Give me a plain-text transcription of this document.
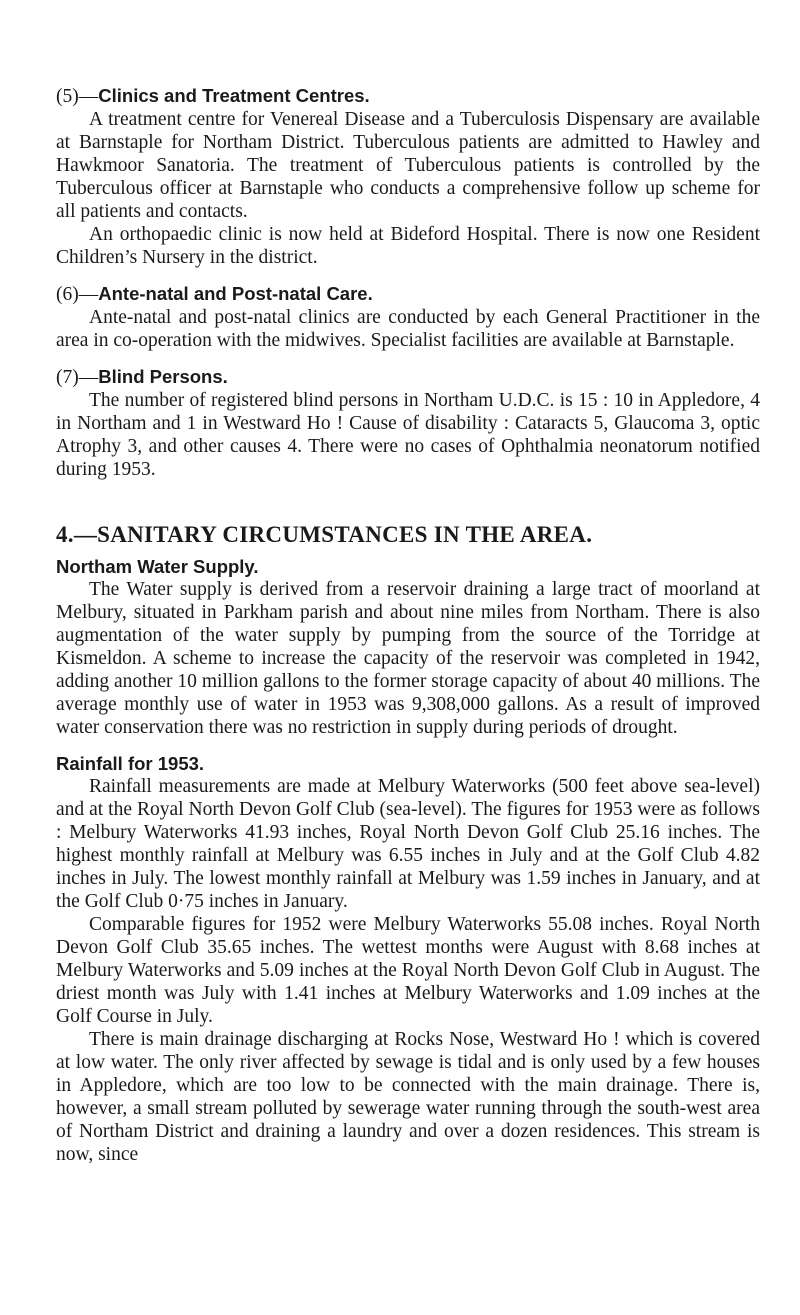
(5)—Clinics and Treatment Centres.

A treatment centre for Venereal Disease and a Tuberculosis Dispensary are available at Barnstaple for Northam District. Tuberculous patients are admitted to Hawley and Hawkmoor Sanatoria. The treatment of Tuberculous patients is controlled by the Tuberculous officer at Barnstaple who conducts a comprehensive follow up scheme for all patients and contacts.

An orthopaedic clinic is now held at Bideford Hospital. There is now one Resident Children’s Nursery in the district.

(6)—Ante-natal and Post-natal Care.

Ante-natal and post-natal clinics are conducted by each General Practitioner in the area in co-operation with the midwives. Specialist facilities are available at Barnstaple.

(7)—Blind Persons.

The number of registered blind persons in Northam U.D.C. is 15 : 10 in Appledore, 4 in Northam and 1 in Westward Ho ! Cause of disability : Cataracts 5, Glaucoma 3, optic Atrophy 3, and other causes 4. There were no cases of Ophthalmia neonatorum notified during 1953.

4.—SANITARY CIRCUMSTANCES IN THE AREA.
Northam Water Supply.

The Water supply is derived from a reservoir draining a large tract of moorland at Melbury, situated in Parkham parish and about nine miles from Northam. There is also augmentation of the water supply by pumping from the source of the Torridge at Kismeldon. A scheme to increase the capacity of the reservoir was completed in 1942, adding another 10 million gallons to the former storage capacity of about 40 millions. The average monthly use of water in 1953 was 9,308,000 gallons. As a result of improved water conservation there was no restriction in supply during periods of drought.

Rainfall for 1953.

Rainfall measurements are made at Melbury Waterworks (500 feet above sea-level) and at the Royal North Devon Golf Club (sea-level). The figures for 1953 were as follows : Melbury Waterworks 41.93 inches, Royal North Devon Golf Club 25.16 inches. The highest monthly rainfall at Melbury was 6.55 inches in July and at the Golf Club 4.82 inches in July. The lowest monthly rainfall at Melbury was 1.59 inches in January, and at the Golf Club 0·75 inches in January.

Comparable figures for 1952 were Melbury Waterworks 55.08 inches. Royal North Devon Golf Club 35.65 inches. The wettest months were August with 8.68 inches at Melbury Waterworks and 5.09 inches at the Royal North Devon Golf Club in August. The driest month was July with 1.41 inches at Melbury Waterworks and 1.09 inches at the Golf Course in July.

There is main drainage discharging at Rocks Nose, Westward Ho ! which is covered at low water. The only river affected by sewage is tidal and is only used by a few houses in Appledore, which are too low to be connected with the main drainage. There is, however, a small stream polluted by sewerage water running through the south-west area of Northam District and draining a laundry and over a dozen residences. This stream is now, since
